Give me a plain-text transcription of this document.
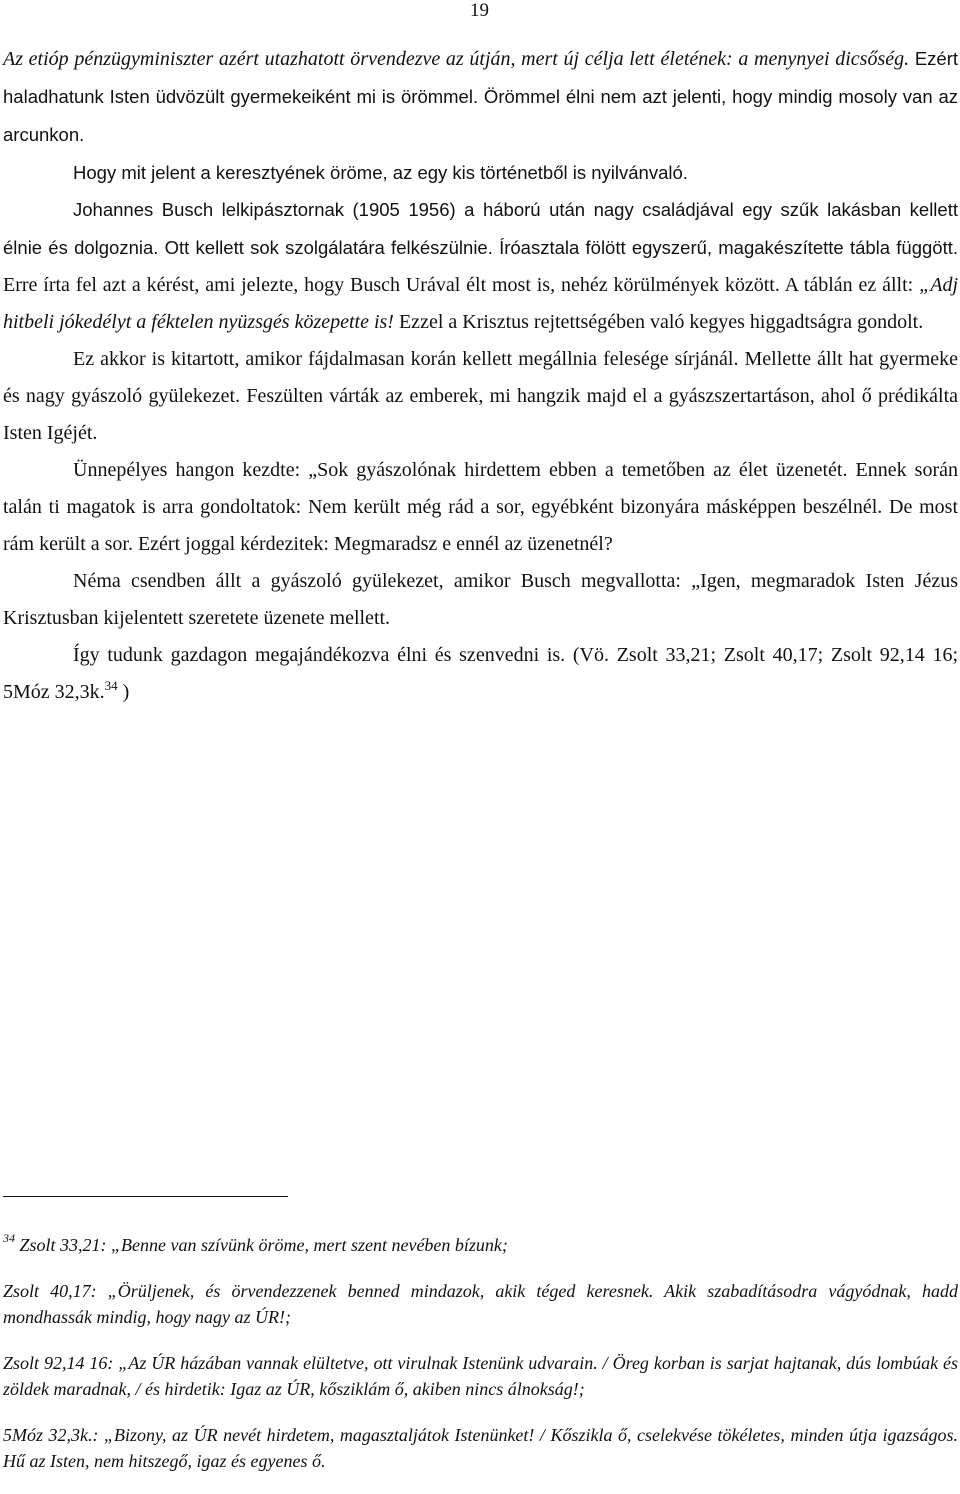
19

Az etióp pénzügyminiszter azért utazhatott örvendezve az útján, mert új célja lett életének: a menynyei dicsőség. Ezért haladhatunk Isten üdvözült gyermekeiként mi is örömmel. Örömmel élni nem azt jelenti, hogy mindig mosoly van az arcunkon.

Hogy mit jelent a keresztyének öröme, az egy kis történetből is nyilvánvaló.

Johannes Busch lelkipásztornak (1905 1956) a háború után nagy családjával egy szűk lakásban kellett élnie és dolgoznia. Ott kellett sok szolgálatára felkészülnie. Íróasztala fölött egyszerű, magakészítette tábla függött. Erre írta fel azt a kérést, ami jelezte, hogy Busch Urával élt most is, nehéz körülmények között. A táblán ez állt: „Adj hitbeli jókedélyt a féktelen nyüzsgés közepette is! Ezzel a Krisztus rejtettségében való kegyes higgadtságra gondolt.

Ez akkor is kitartott, amikor fájdalmasan korán kellett megállnia felesége sírjánál. Mellette állt hat gyermeke és nagy gyászoló gyülekezet. Feszülten várták az emberek, mi hangzik majd el a gyászszertartáson, ahol ő prédikálta Isten Igéjét.

Ünnepélyes hangon kezdte: „Sok gyászolónak hirdettem ebben a temetőben az élet üzenetét. Ennek során talán ti magatok is arra gondoltatok: Nem került még rád a sor, egyébként bizonyára másképpen beszélnél. De most rám került a sor. Ezért joggal kérdezitek: Megmaradsz e ennél az üzenetnél?

Néma csendben állt a gyászoló gyülekezet, amikor Busch megvallotta: „Igen, megmaradok Isten Jézus Krisztusban kijelentett szeretete üzenete mellett.

Így tudunk gazdagon megajándékozva élni és szenvedni is. (Vö. Zsolt 33,21; Zsolt 40,17; Zsolt 92,14 16; 5Móz 32,3k.$^{34}$ )

$^{34}$ Zsolt 33,21: „Benne van szívünk öröme, mert szent nevében bízunk;

Zsolt 40,17: „Örüljenek, és örvendezzenek benned mindazok, akik téged keresnek. Akik szabadításodra vágyódnak, hadd mondhassák mindig, hogy nagy az ÚR!;

Zsolt 92,14 16: „Az ÚR házában vannak elültetve, ott virulnak Istenünk udvarain. / Öreg korban is sarjat hajtanak, dús lombúak és zöldek maradnak, / és hirdetik: Igaz az ÚR, kősziklám ő, akiben nincs álnokság!;

5Móz 32,3k.: „Bizony, az ÚR nevét hirdetem, magasztaljátok Istenünket! / Kőszikla ő, cselekvése tökéletes, minden útja igazságos. Hű az Isten, nem hitszegő, igaz és egyenes ő.
